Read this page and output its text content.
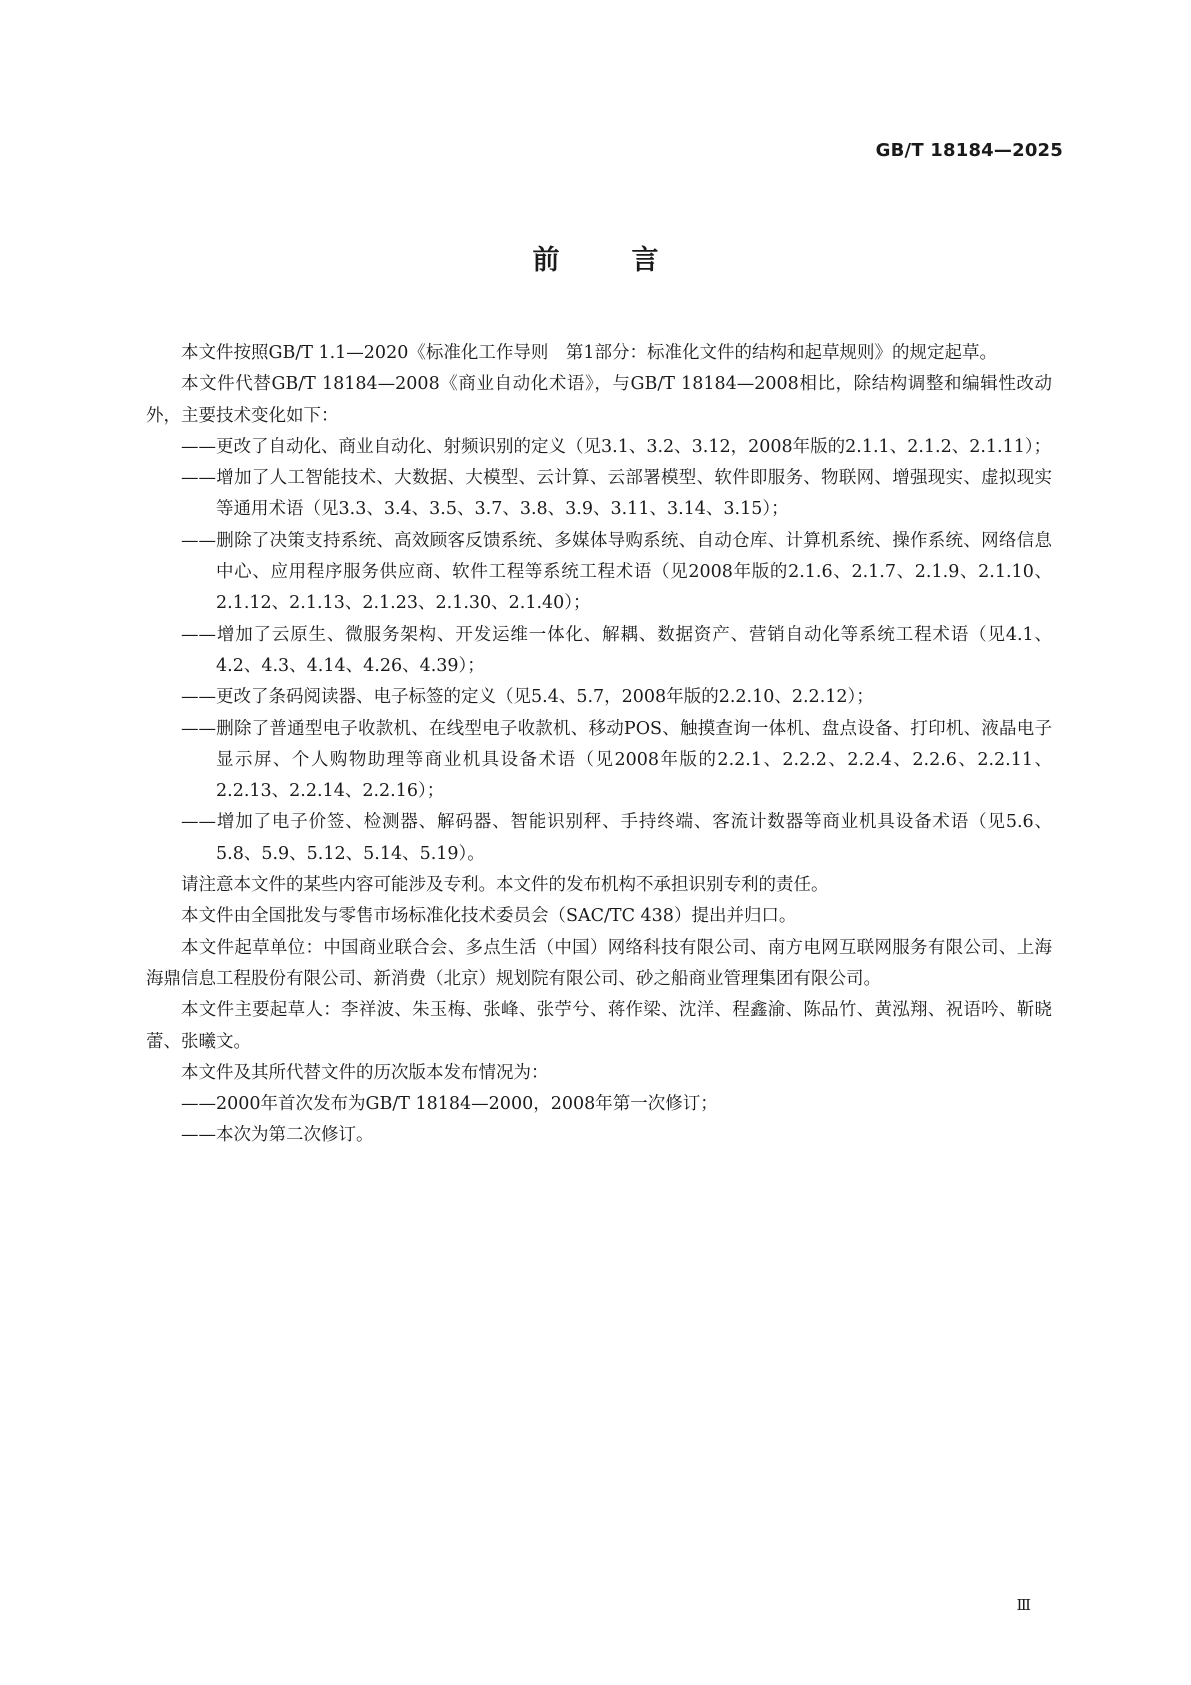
GB/T 18184—2025
前言

本文件按照GB/T 1.1—2020《标准化工作导则　第1部分：标准化文件的结构和起草规则》的规定起草。

本文件代替GB/T 18184—2008《商业自动化术语》，与GB/T 18184—2008相比，除结构调整和编辑性改动外，主要技术变化如下：

——更改了自动化、商业自动化、射频识别的定义（见3.1、3.2、3.12，2008年版的2.1.1、2.1.2、2.1.11）；

——增加了人工智能技术、大数据、大模型、云计算、云部署模型、软件即服务、物联网、增强现实、虚拟现实等通用术语（见3.3、3.4、3.5、3.7、3.8、3.9、3.11、3.14、3.15）；

——删除了决策支持系统、高效顾客反馈系统、多媒体导购系统、自动仓库、计算机系统、操作系统、网络信息中心、应用程序服务供应商、软件工程等系统工程术语（见2008年版的2.1.6、2.1.7、2.1.9、2.1.10、2.1.12、2.1.13、2.1.23、2.1.30、2.1.40）；

——增加了云原生、微服务架构、开发运维一体化、解耦、数据资产、营销自动化等系统工程术语（见4.1、4.2、4.3、4.14、4.26、4.39）；

——更改了条码阅读器、电子标签的定义（见5.4、5.7，2008年版的2.2.10、2.2.12）；

——删除了普通型电子收款机、在线型电子收款机、移动POS、触摸查询一体机、盘点设备、打印机、液晶电子显示屏、个人购物助理等商业机具设备术语（见2008年版的2.2.1、2.2.2、2.2.4、2.2.6、2.2.11、2.2.13、2.2.14、2.2.16）；

——增加了电子价签、检测器、解码器、智能识别秤、手持终端、客流计数器等商业机具设备术语（见5.6、5.8、5.9、5.12、5.14、5.19）。

请注意本文件的某些内容可能涉及专利。本文件的发布机构不承担识别专利的责任。

本文件由全国批发与零售市场标准化技术委员会（SAC/TC 438）提出并归口。

本文件起草单位：中国商业联合会、多点生活（中国）网络科技有限公司、南方电网互联网服务有限公司、上海海鼎信息工程股份有限公司、新消费（北京）规划院有限公司、砂之船商业管理集团有限公司。

本文件主要起草人：李祥波、朱玉梅、张峰、张苧兮、蒋作梁、沈洋、程鑫渝、陈品竹、黄泓翔、祝语吟、靳晓蕾、张曦文。

本文件及其所代替文件的历次版本发布情况为：

——2000年首次发布为GB/T 18184—2000，2008年第一次修订；

——本次为第二次修订。

Ⅲ
